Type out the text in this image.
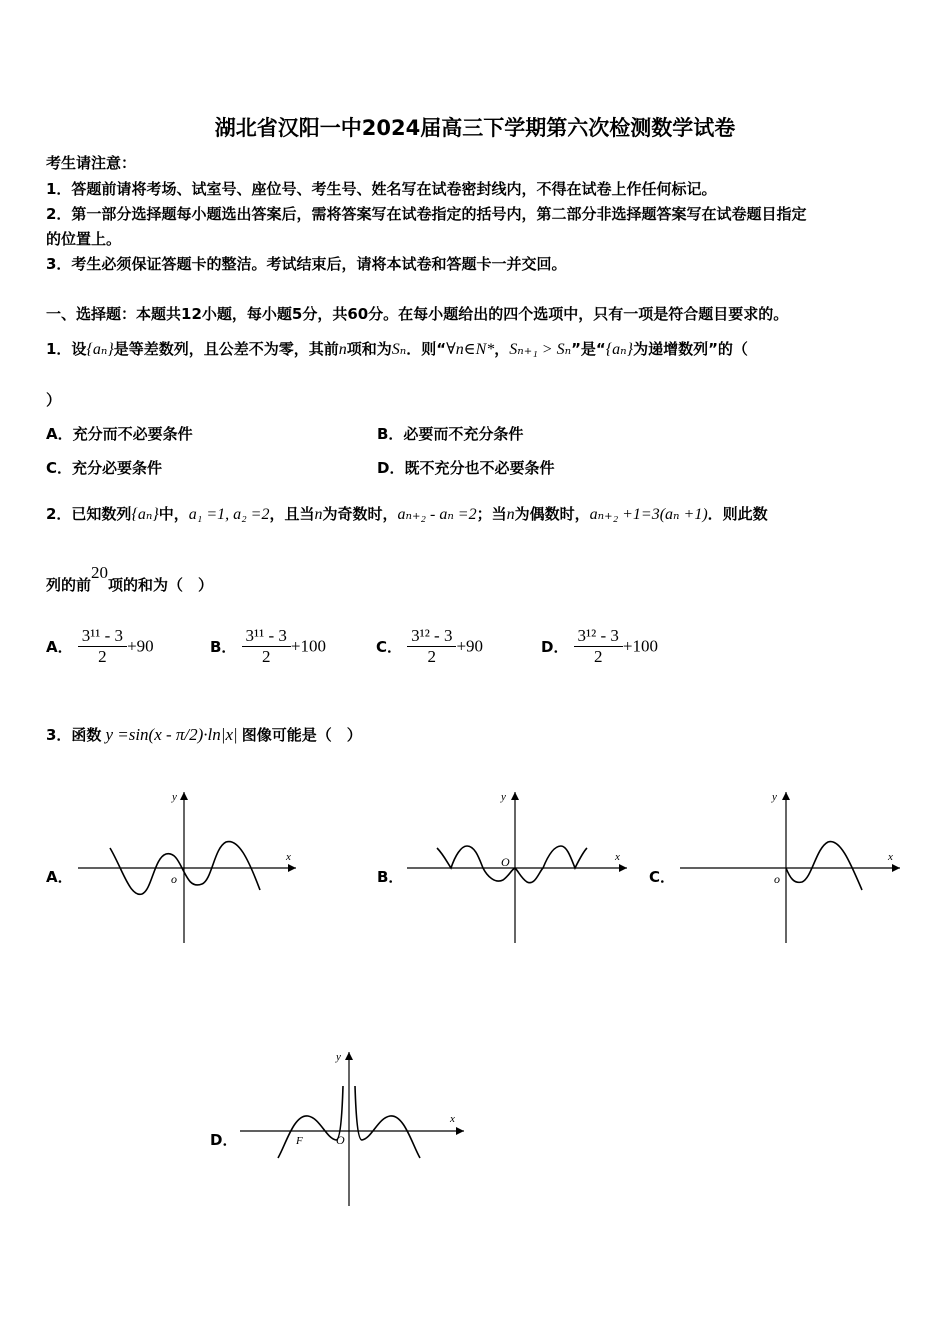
湖北省汉阳一中2024届高三下学期第六次检测数学试卷
考生请注意：
1．答题前请将考场、试室号、座位号、考生号、姓名写在试卷密封线内，不得在试卷上作任何标记。
2．第一部分选择题每小题选出答案后，需将答案写在试卷指定的括号内，第二部分非选择题答案写在试卷题目指定
的位置上。
3．考生必须保证答题卡的整洁。考试结束后，请将本试卷和答题卡一并交回。
一、选择题：本题共12小题，每小题5分，共60分。在每小题给出的四个选项中，只有一项是符合题目要求的。
1．设{aₙ}是等差数列，且公差不为零，其前n项和为Sₙ．则“∀n∈N*，Sₙ₊₁ > Sₙ”是“{aₙ}为递增数列”的（
）
A．充分而不必要条件	B．必要而不充分条件
C．充分必要条件	D．既不充分也不必要条件
2．已知数列{aₙ}中，a₁ =1, a₂ =2，且当n为奇数时，aₙ₊₂ - aₙ =2；当n为偶数时，aₙ₊₂ +1=3(aₙ +1)．则此数
列的前20项的和为（　）
A． $\frac{\text{3¹¹ - 3}}{2} +90$	B． $\frac{\text{3¹¹ - 3}}{2} +100$	C． $\frac{\text{3¹² - 3}}{2} +90$	D． $\frac{\text{3¹² - 3}}{2} +100$
3．函数 y =sin(x - π/2)·ln|x| 图像可能是（　）
A．
x
y
o	B．
x
y
O
C．
x
y
o
D．
x
y
O
F
